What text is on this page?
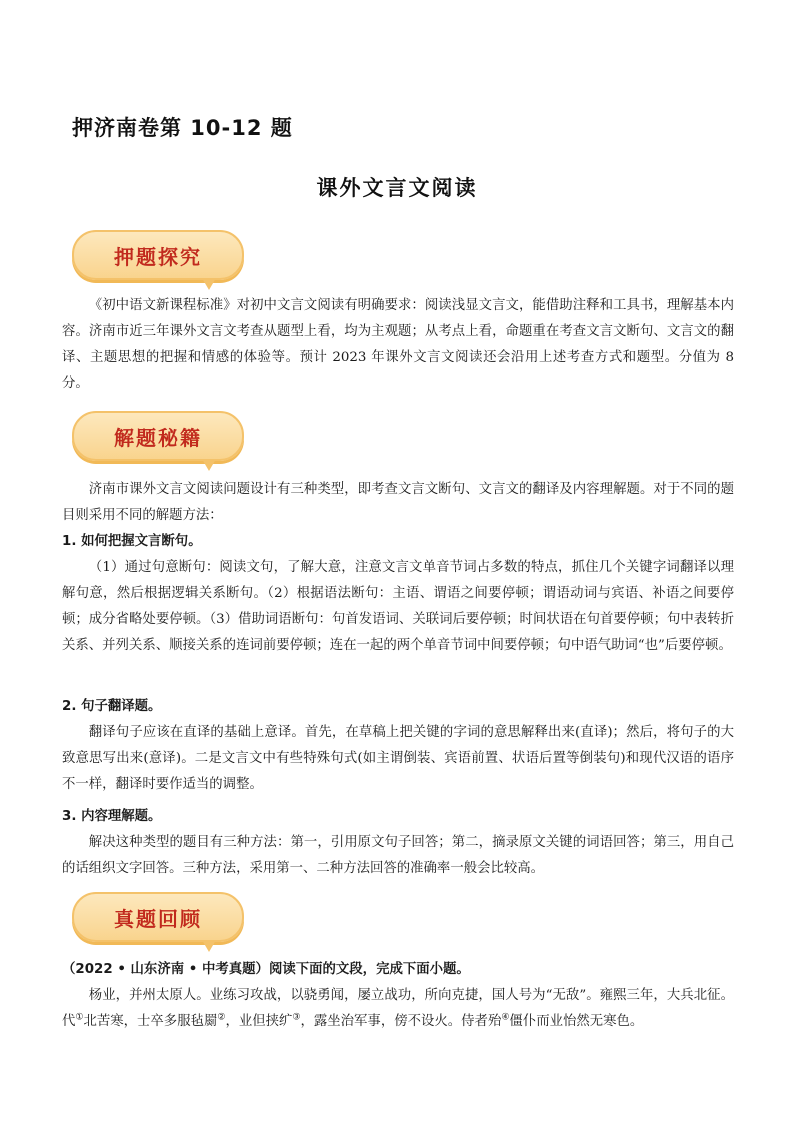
押济南卷第 10-12 题
课外文言文阅读
押题探究
《初中语文新课程标准》对初中文言文阅读有明确要求：阅读浅显文言文，能借助注释和工具书，理解基本内容。济南市近三年课外文言文考查从题型上看，均为主观题；从考点上看，命题重在考查文言文断句、文言文的翻译、主题思想的把握和情感的体验等。预计 2023 年课外文言文阅读还会沿用上述考查方式和题型。分值为 8 分。
解题秘籍
济南市课外文言文阅读问题设计有三种类型，即考查文言文断句、文言文的翻译及内容理解题。对于不同的题目则采用不同的解题方法：
1. 如何把握文言断句。
（1）通过句意断句：阅读文句，了解大意，注意文言文单音节词占多数的特点，抓住几个关键字词翻译以理解句意，然后根据逻辑关系断句。（2）根据语法断句：主语、谓语之间要停顿；谓语动词与宾语、补语之间要停顿；成分省略处要停顿。（3）借助词语断句：句首发语词、关联词后要停顿；时间状语在句首要停顿；句中表转折关系、并列关系、顺接关系的连词前要停顿；连在一起的两个单音节词中间要停顿；句中语气助词“也”后要停顿。
2. 句子翻译题。
翻译句子应该在直译的基础上意译。首先，在草稿上把关键的字词的意思解释出来(直译)；然后，将句子的大致意思写出来(意译)。二是文言文中有些特殊句式(如主谓倒装、宾语前置、状语后置等倒装句)和现代汉语的语序不一样，翻译时要作适当的调整。
3. 内容理解题。
解决这种类型的题目有三种方法：第一，引用原文句子回答；第二，摘录原文关键的词语回答；第三，用自己的话组织文字回答。三种方法，采用第一、二种方法回答的准确率一般会比较高。
真题回顾
（2022 • 山东济南 • 中考真题）阅读下面的文段，完成下面小题。
杨业，并州太原人。业练习攻战，以骁勇闻，屡立战功，所向克捷，国人号为“无敌”。雍熙三年，大兵北征。代①北苦寒，士卒多服毡罽②，业但挟纩③，露坐治军事，傍不设火。侍者殆④僵仆而业怡然无寒色。
